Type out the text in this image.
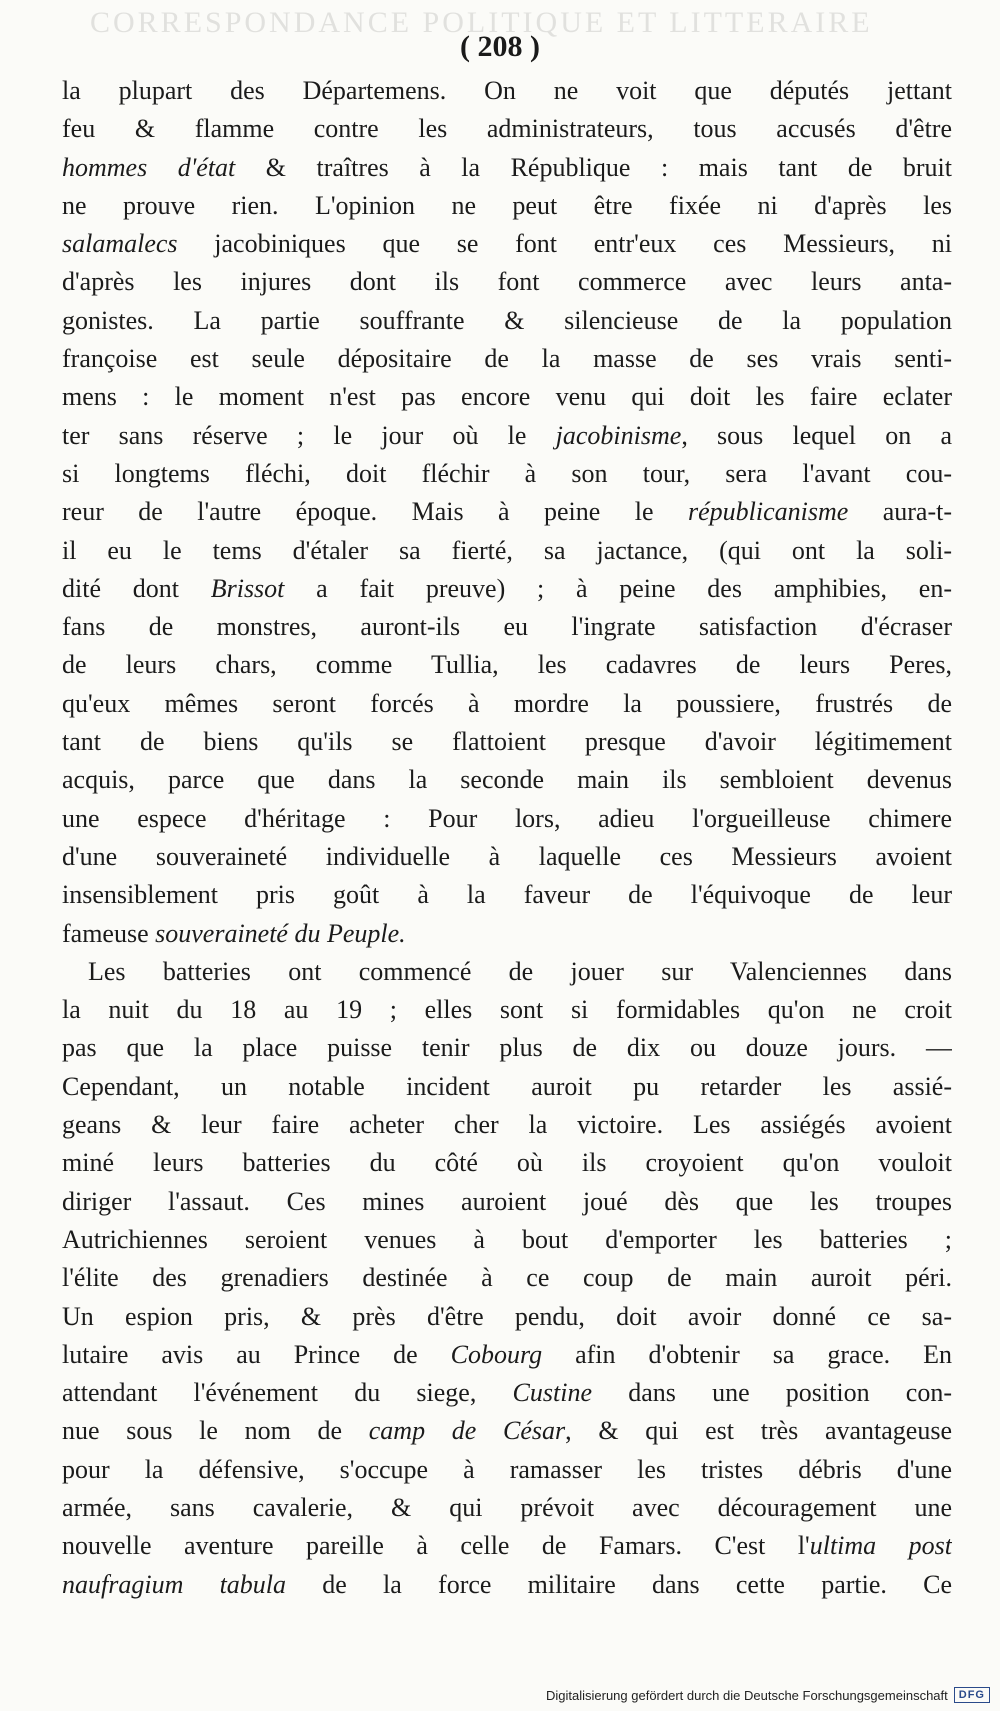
CORRESPONDANCE POLITIQUE ET LITTERAIRE
( 208 )
la plupart des Départemens. On ne voit que députés jettant
feu & flamme contre les administrateurs, tous accusés d'être
hommes d'état & traîtres à la République : mais tant de bruit
ne prouve rien. L'opinion ne peut être fixée ni d'après les
salamalecs jacobiniques que se font entr'eux ces Messieurs, ni
d'après les injures dont ils font commerce avec leurs anta-
gonistes. La partie souffrante & silencieuse de la population
françoise est seule dépositaire de la masse de ses vrais senti-
mens : le moment n'est pas encore venu qui doit les faire eclater
ter sans réserve ; le jour où le jacobinisme, sous lequel on a
si longtems fléchi, doit fléchir à son tour, sera l'avant cou-
reur de l'autre époque. Mais à peine le républicanisme aura-t-
il eu le tems d'étaler sa fierté, sa jactance, (qui ont la soli-
dité dont Brissot a fait preuve) ; à peine des amphibies, en-
fans de monstres, auront-ils eu l'ingrate satisfaction d'écraser
de leurs chars, comme Tullia, les cadavres de leurs Peres,
qu'eux mêmes seront forcés à mordre la poussiere, frustrés de
tant de biens qu'ils se flattoient presque d'avoir légitimement
acquis, parce que dans la seconde main ils sembloient devenus
une espece d'héritage : Pour lors, adieu l'orgueilleuse chimere
d'une souveraineté individuelle à laquelle ces Messieurs avoient
insensiblement pris goût à la faveur de l'équivoque de leur
fameuse souveraineté du Peuple.
Les batteries ont commencé de jouer sur Valenciennes dans
la nuit du 18 au 19 ; elles sont si formidables qu'on ne croit
pas que la place puisse tenir plus de dix ou douze jours. —
Cependant, un notable incident auroit pu retarder les assié-
geans & leur faire acheter cher la victoire. Les assiégés avoient
miné leurs batteries du côté où ils croyoient qu'on vouloit
diriger l'assaut. Ces mines auroient joué dès que les troupes
Autrichiennes seroient venues à bout d'emporter les batteries ;
l'élite des grenadiers destinée à ce coup de main auroit péri.
Un espion pris, & près d'être pendu, doit avoir donné ce sa-
lutaire avis au Prince de Cobourg afin d'obtenir sa grace. En
attendant l'événement du siege, Custine dans une position con-
nue sous le nom de camp de César, & qui est très avantageuse
pour la défensive, s'occupe à ramasser les tristes débris d'une
armée, sans cavalerie, & qui prévoit avec découragement une
nouvelle aventure pareille à celle de Famars. C'est l'ultima post
naufragium tabula de la force militaire dans cette partie. Ce
Digitalisierung gefördert durch die Deutsche Forschungsgemeinschaft	DFG
